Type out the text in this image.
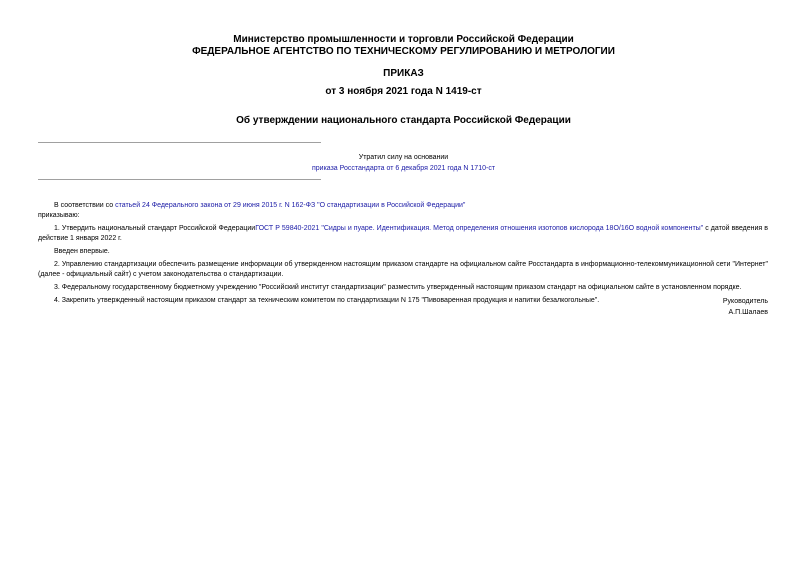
Министерство промышленности и торговли Российской Федерации
ФЕДЕРАЛЬНОЕ АГЕНТСТВО ПО ТЕХНИЧЕСКОМУ РЕГУЛИРОВАНИЮ И МЕТРОЛОГИИ
ПРИКАЗ
от 3 ноября 2021 года N 1419-ст
Об утверждении национального стандарта Российской Федерации
Утратил силу на основании
приказа Росстандарта от 6 декабря 2021 года N 1710-ст

В соответствии со статьей 24 Федерального закона от 29 июня 2015 г. N 162-ФЗ "О стандартизации в Российской Федерации"

приказываю:

1. Утвердить национальный стандарт Российской ФедерацииГОСТ Р 59840-2021 "Сидры и пуаре. Идентификация. Метод определения отношения изотопов кислорода 18O/16O водной компоненты" с датой введения в действие 1 января 2022 г.

Введен впервые.

2. Управлению стандартизации обеспечить размещение информации об утвержденном настоящим приказом стандарте на официальном сайте Росстандарта в информационно-телекоммуникационной сети "Интернет" (далее - официальный сайт) с учетом законодательства о стандартизации.

3. Федеральному государственному бюджетному учреждению "Российский институт стандартизации" разместить утвержденный настоящим приказом стандарт на официальном сайте в установленном порядке.

4. Закрепить утвержденный настоящим приказом стандарт за техническим комитетом по стандартизации N 175 "Пивоваренная продукция и напитки безалкогольные".	Руководитель
А.П.Шалаев
